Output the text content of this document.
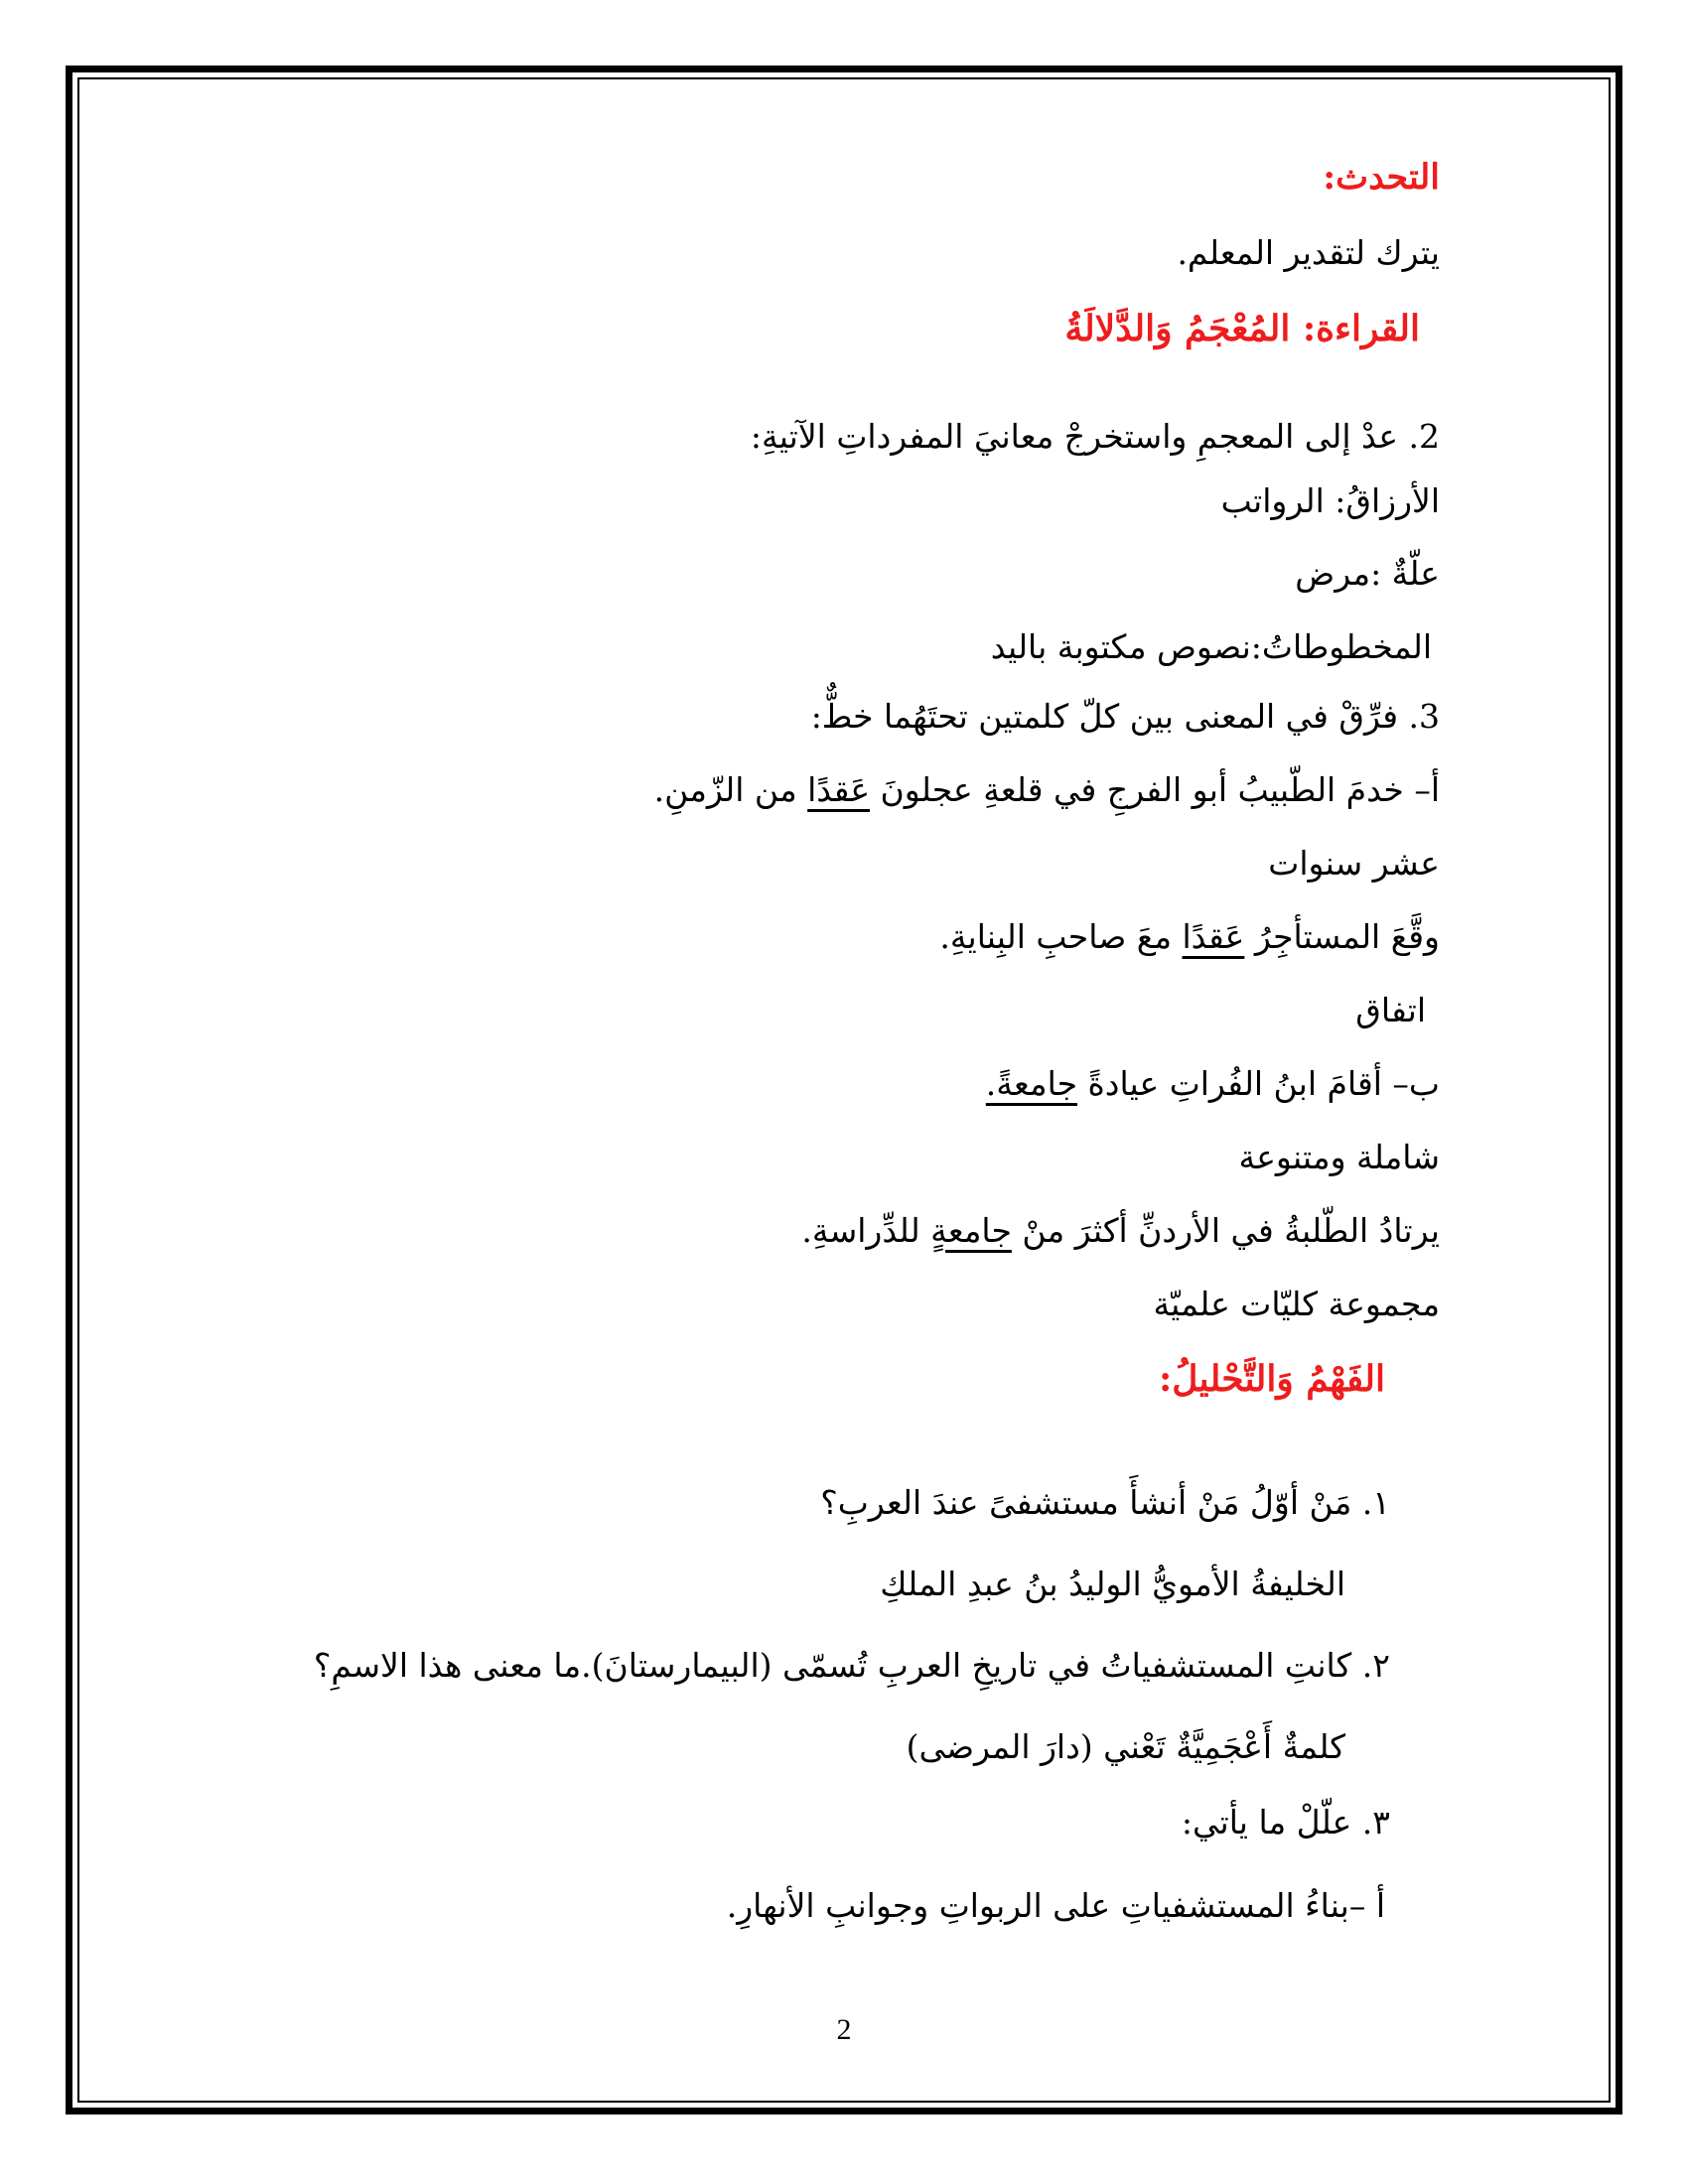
التحدث:
يترك لتقدير المعلم.
القراءة: المُعْجَمُ وَالدَّلالَةُ
2. عدْ إلى المعجمِ واستخرجْ معانيَ المفرداتِ الآتيةِ:
الأرزاقُ: الرواتب
علّةٌ :مرض
المخطوطاتُ:نصوص مكتوبة باليد
3. فرِّقْ في المعنى بين كلّ كلمتين تحتَهُما خطٌّ:
أ– خدمَ الطّبيبُ أبو الفرجِ في قلعةِ عجلونَ عَقدًا من الزّمنِ.
عشر سنوات
وقَّعَ المستأجِرُ عَقدًا معَ صاحبِ البِنايةِ.
اتفاق
ب– أقامَ ابنُ الفُراتِ عيادةً جامعةً.
شاملة ومتنوعة
يرتادُ الطّلبةُ في الأردنِّ أكثرَ منْ جامعةٍ للدِّراسةِ.
مجموعة كليّات علميّة
الفَهْمُ وَالتَّحْليلُ:
١. مَنْ أوّلُ مَنْ أنشأَ مستشفىً عندَ العربِ؟
الخليفةُ الأمويُّ الوليدُ بنُ عبدِ الملكِ
٢. كانتِ المستشفياتُ في تاريخِ العربِ تُسمّى (البيمارستانَ).ما معنى هذا الاسمِ؟
كلمةٌ أَعْجَمِيَّةٌ تَعْني (دارَ المرضى)
٣. علّلْ ما يأتي:
أ –بناءُ المستشفياتِ على الربواتِ وجوانبِ الأنهارِ.
2
